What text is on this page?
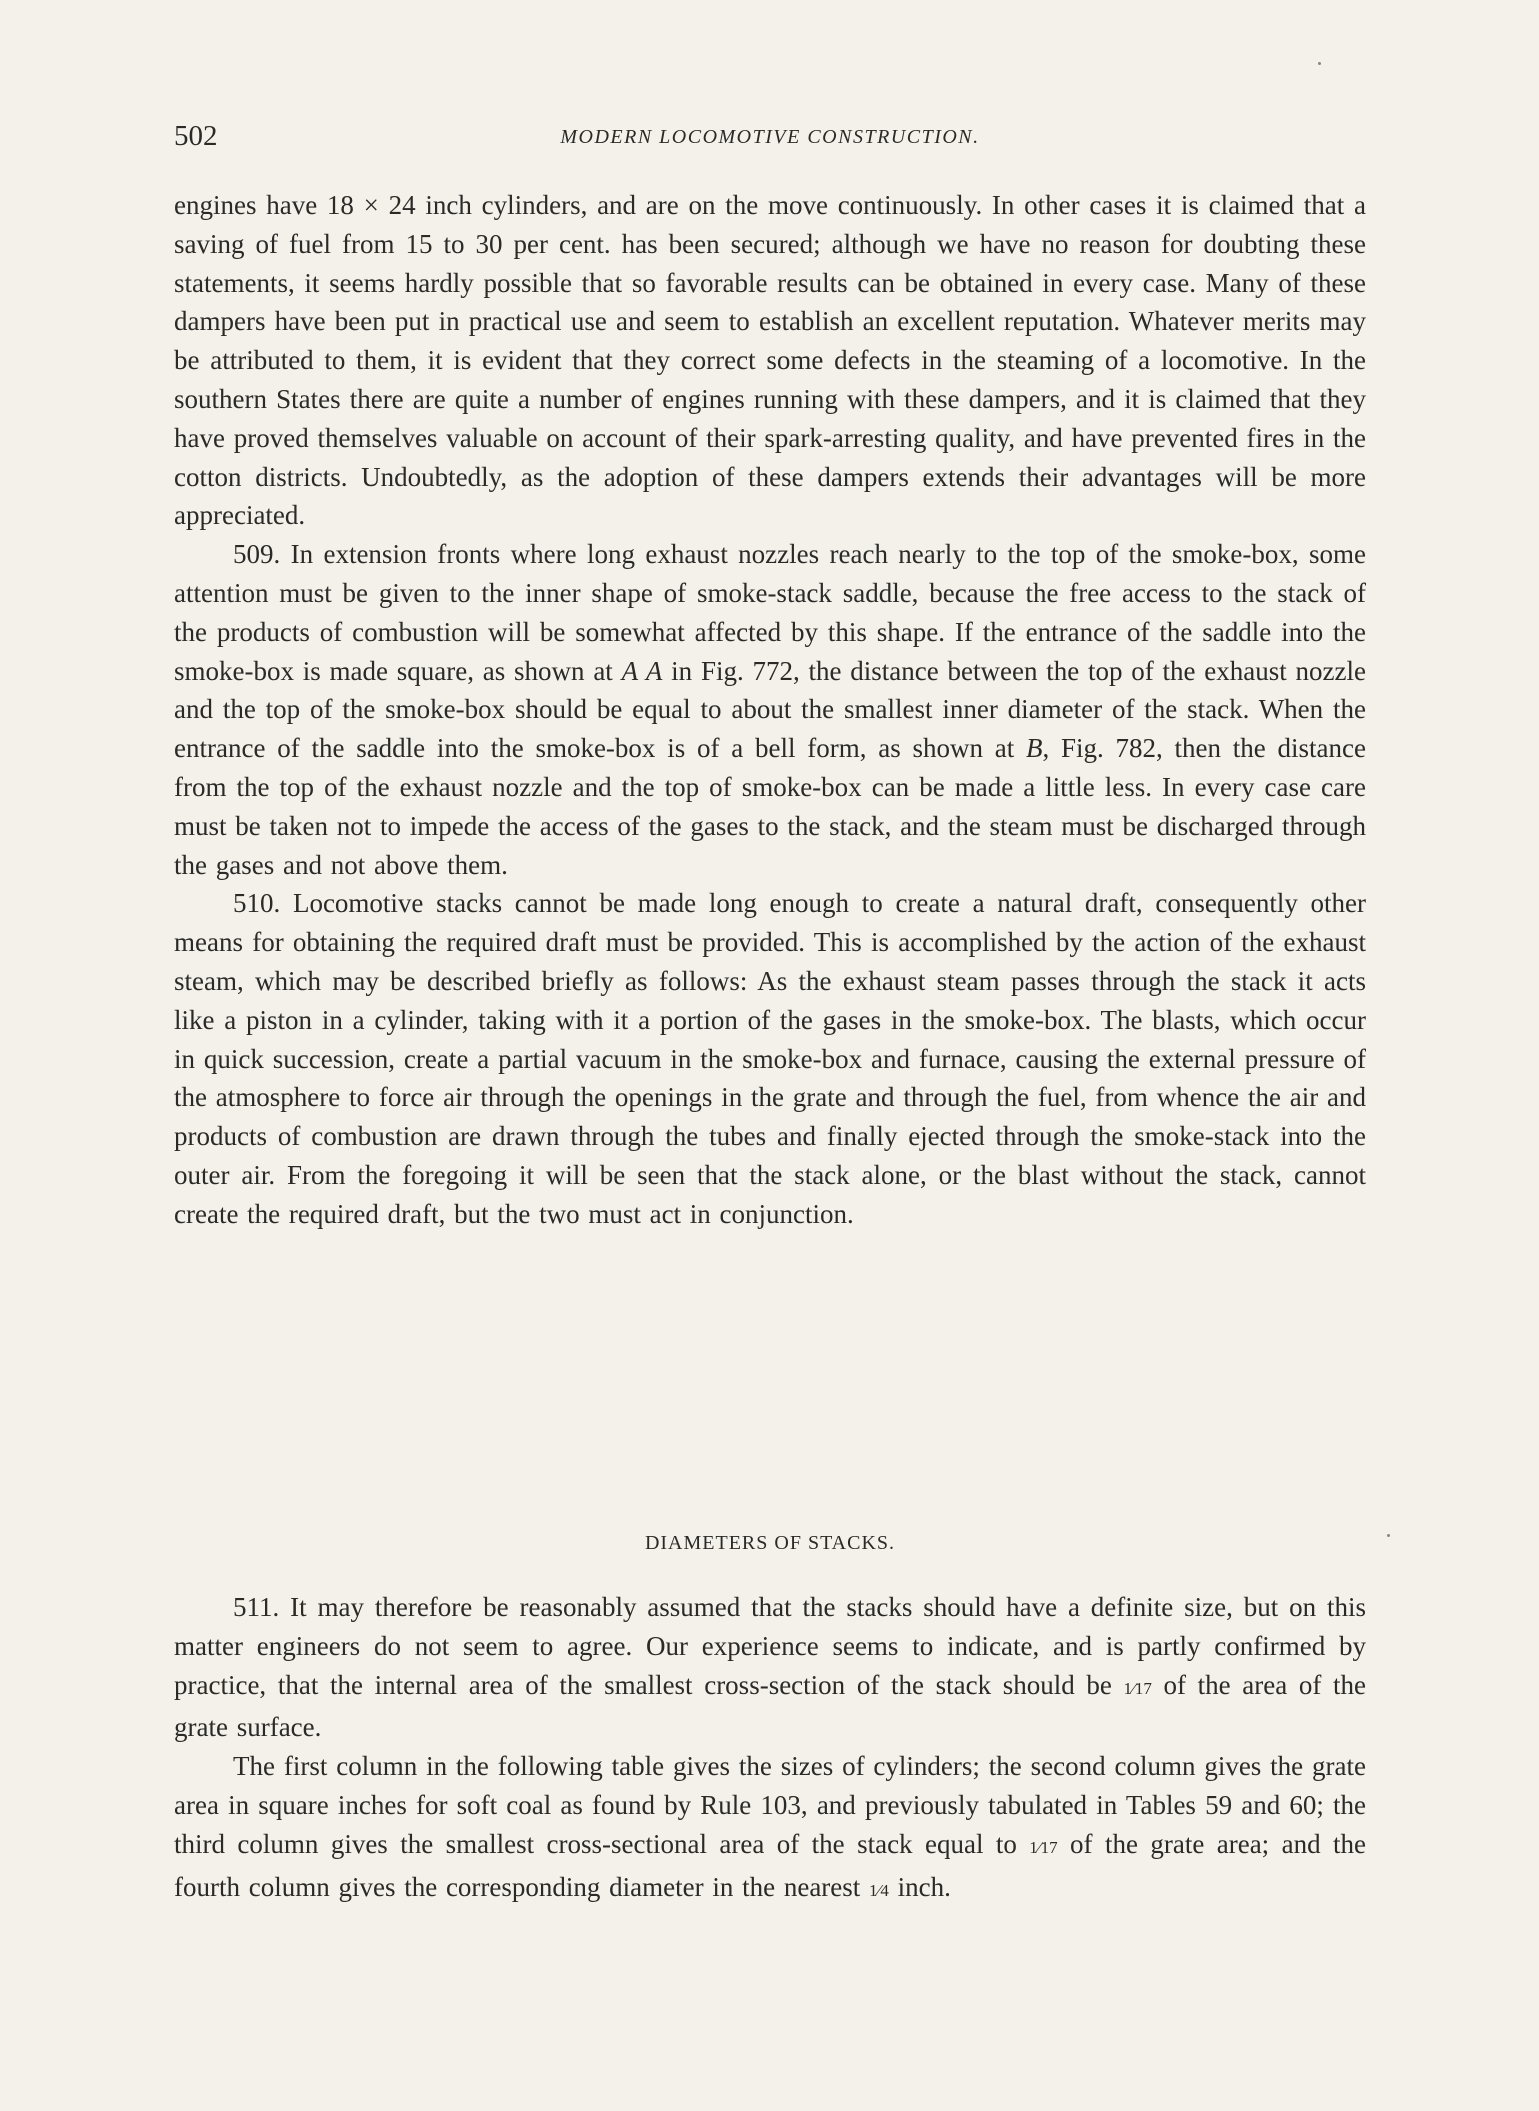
502	MODERN LOCOMOTIVE CONSTRUCTION.

engines have 18 × 24 inch cylinders, and are on the move continuously. In other cases it is claimed that a saving of fuel from 15 to 30 per cent. has been secured; although we have no reason for doubting these statements, it seems hardly possible that so favorable results can be obtained in every case. Many of these dampers have been put in practical use and seem to establish an excellent reputation. Whatever merits may be attributed to them, it is evident that they correct some defects in the steaming of a locomotive. In the southern States there are quite a number of engines running with these dampers, and it is claimed that they have proved themselves valuable on account of their spark-arresting quality, and have prevented fires in the cotton districts. Undoubtedly, as the adoption of these dampers extends their advantages will be more appreciated.

509. In extension fronts where long exhaust nozzles reach nearly to the top of the smoke-box, some attention must be given to the inner shape of smoke-stack saddle, because the free access to the stack of the products of combustion will be somewhat affected by this shape. If the entrance of the saddle into the smoke-box is made square, as shown at A A in Fig. 772, the distance between the top of the exhaust nozzle and the top of the smoke-box should be equal to about the smallest inner diameter of the stack. When the entrance of the saddle into the smoke-box is of a bell form, as shown at B, Fig. 782, then the distance from the top of the exhaust nozzle and the top of smoke-box can be made a little less. In every case care must be taken not to impede the access of the gases to the stack, and the steam must be discharged through the gases and not above them.

510. Locomotive stacks cannot be made long enough to create a natural draft, consequently other means for obtaining the required draft must be provided. This is accomplished by the action of the exhaust steam, which may be described briefly as follows: As the exhaust steam passes through the stack it acts like a piston in a cylinder, taking with it a portion of the gases in the smoke-box. The blasts, which occur in quick succession, create a partial vacuum in the smoke-box and furnace, causing the external pressure of the atmosphere to force air through the openings in the grate and through the fuel, from whence the air and products of combustion are drawn through the tubes and finally ejected through the smoke-stack into the outer air. From the foregoing it will be seen that the stack alone, or the blast without the stack, cannot create the required draft, but the two must act in conjunction.

DIAMETERS OF STACKS.

511. It may therefore be reasonably assumed that the stacks should have a definite size, but on this matter engineers do not seem to agree. Our experience seems to indicate, and is partly confirmed by practice, that the internal area of the smallest cross-section of the stack should be 1⁄17 of the area of the grate surface.

The first column in the following table gives the sizes of cylinders; the second column gives the grate area in square inches for soft coal as found by Rule 103, and previously tabulated in Tables 59 and 60; the third column gives the smallest cross-sectional area of the stack equal to 1⁄17 of the grate area; and the fourth column gives the corresponding diameter in the nearest 1⁄4 inch.
